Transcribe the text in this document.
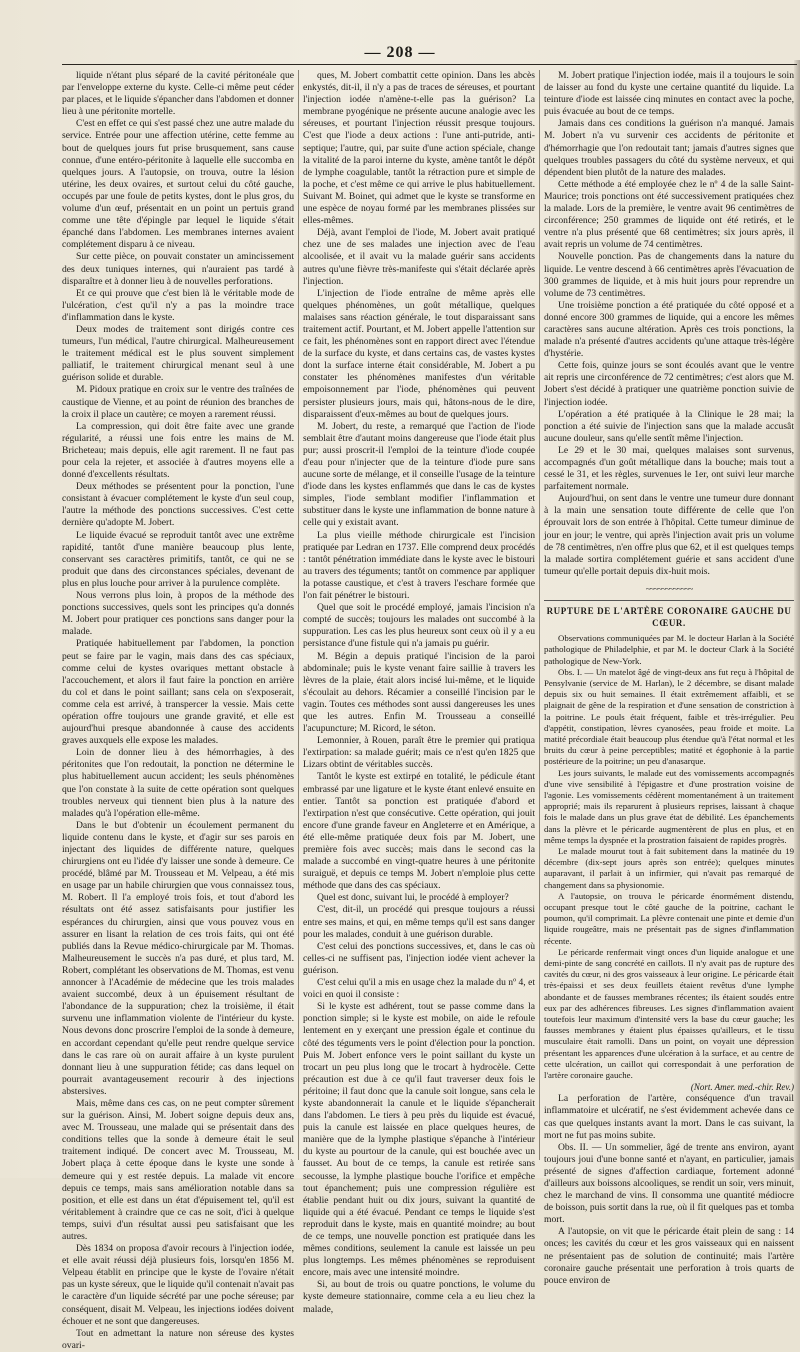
— 208 —

liquide n'étant plus séparé de la cavité péritonéale que par l'enveloppe externe du kyste. Celle-ci même peut céder par places, et le liquide s'épancher dans l'abdomen et donner lieu à une péritonite mortelle.

C'est en effet ce qui s'est passé chez une autre malade du service. Entrée pour une affection utérine, cette femme au bout de quelques jours fut prise brusquement, sans cause connue, d'une entéro-péritonite à laquelle elle succomba en quelques jours. A l'autopsie, on trouva, outre la lésion utérine, les deux ovaires, et surtout celui du côté gauche, occupés par une foule de petits kystes, dont le plus gros, du volume d'un œuf, présentait en un point un pertuis grand comme une tête d'épingle par lequel le liquide s'était épanché dans l'abdomen. Les membranes internes avaient complétement disparu à ce niveau.

Sur cette pièce, on pouvait constater un amincissement des deux tuniques internes, qui n'auraient pas tardé à disparaître et à donner lieu à de nouvelles perforations.

Et ce qui prouve que c'est bien là le véritable mode de l'ulcération, c'est qu'il n'y a pas la moindre trace d'inflammation dans le kyste.

Deux modes de traitement sont dirigés contre ces tumeurs, l'un médical, l'autre chirurgical. Malheureusement le traitement médical est le plus souvent simplement palliatif, le traitement chirurgical menant seul à une guérison solide et durable.

M. Pidoux pratique en croix sur le ventre des traînées de caustique de Vienne, et au point de réunion des branches de la croix il place un cautère; ce moyen a rarement réussi.

La compression, qui doit être faite avec une grande régularité, a réussi une fois entre les mains de M. Bricheteau; mais depuis, elle agit rarement. Il ne faut pas pour cela la rejeter, et associée à d'autres moyens elle a donné d'excellents résultats.

Deux méthodes se présentent pour la ponction, l'une consistant à évacuer complétement le kyste d'un seul coup, l'autre la méthode des ponctions successives. C'est cette dernière qu'adopte M. Jobert.

Le liquide évacué se reproduit tantôt avec une extrême rapidité, tantôt d'une manière beaucoup plus lente, conservant ses caractères primitifs, tantôt, ce qui ne se produit que dans des circonstances spéciales, devenant de plus en plus louche pour arriver à la purulence complète.

Nous verrons plus loin, à propos de la méthode des ponctions successives, quels sont les principes qu'a donnés M. Jobert pour pratiquer ces ponctions sans danger pour la malade.

Pratiquée habituellement par l'abdomen, la ponction peut se faire par le vagin, mais dans des cas spéciaux, comme celui de kystes ovariques mettant obstacle à l'accouchement, et alors il faut faire la ponction en arrière du col et dans le point saillant; sans cela on s'exposerait, comme cela est arrivé, à transpercer la vessie. Mais cette opération offre toujours une grande gravité, et elle est aujourd'hui presque abandonnée à cause des accidents graves auxquels elle expose les malades.

Loin de donner lieu à des hémorrhagies, à des péritonites que l'on redoutait, la ponction ne détermine le plus habituellement aucun accident; les seuls phénomènes que l'on constate à la suite de cette opération sont quelques troubles nerveux qui tiennent bien plus à la nature des malades qu'à l'opération elle-même.

Dans le but d'obtenir un écoulement permanent du liquide contenu dans le kyste, et d'agir sur ses parois en injectant des liquides de différente nature, quelques chirurgiens ont eu l'idée d'y laisser une sonde à demeure. Ce procédé, blâmé par M. Trousseau et M. Velpeau, a été mis en usage par un habile chirurgien que vous connaissez tous, M. Robert. Il l'a employé trois fois, et tout d'abord les résultats ont été assez satisfaisants pour justifier les espérances du chirurgien, ainsi que vous pouvez vous en assurer en lisant la relation de ces trois faits, qui ont été publiés dans la Revue médico-chirurgicale par M. Thomas. Malheureusement le succès n'a pas duré, et plus tard, M. Robert, complétant les observations de M. Thomas, est venu annoncer à l'Académie de médecine que les trois malades avaient succombé, deux à un épuisement résultant de l'abondance de la suppuration; chez la troisième, il était survenu une inflammation violente de l'intérieur du kyste. Nous devons donc proscrire l'emploi de la sonde à demeure, en accordant cependant qu'elle peut rendre quelque service dans le cas rare où on aurait affaire à un kyste purulent donnant lieu à une suppuration fétide; cas dans lequel on pourrait avantageusement recourir à des injections abstersives.

Mais, même dans ces cas, on ne peut compter sûrement sur la guérison. Ainsi, M. Jobert soigne depuis deux ans, avec M. Trousseau, une malade qui se présentait dans des conditions telles que la sonde à demeure était le seul traitement indiqué. De concert avec M. Trousseau, M. Jobert plaça à cette époque dans le kyste une sonde à demeure qui y est restée depuis. La malade vit encore depuis ce temps, mais sans amélioration notable dans sa position, et elle est dans un état d'épuisement tel, qu'il est véritablement à craindre que ce cas ne soit, d'ici à quelque temps, suivi d'un résultat aussi peu satisfaisant que les autres.

Dès 1834 on proposa d'avoir recours à l'injection iodée, et elle avait réussi déjà plusieurs fois, lorsqu'en 1856 M. Velpeau établit en principe que le kyste de l'ovaire n'était pas un kyste séreux, que le liquide qu'il contenait n'avait pas le caractère d'un liquide sécrété par une poche séreuse; par conséquent, disait M. Velpeau, les injections iodées doivent échouer et ne sont que dangereuses.

Tout en admettant la nature non séreuse des kystes ovari-

ques, M. Jobert combattit cette opinion. Dans les abcès enkystés, dit-il, il n'y a pas de traces de séreuses, et pourtant l'injection iodée n'amène-t-elle pas la guérison? La membrane pyogénique ne présente aucune analogie avec les séreuses, et pourtant l'injection réussit presque toujours. C'est que l'iode a deux actions : l'une anti-putride, anti-septique; l'autre, qui, par suite d'une action spéciale, change la vitalité de la paroi interne du kyste, amène tantôt le dépôt de lymphe coagulable, tantôt la rétraction pure et simple de la poche, et c'est même ce qui arrive le plus habituellement. Suivant M. Boinet, qui admet que le kyste se transforme en une espèce de noyau formé par les membranes plissées sur elles-mêmes.

Déjà, avant l'emploi de l'iode, M. Jobert avait pratiqué chez une de ses malades une injection avec de l'eau alcoolisée, et il avait vu la malade guérir sans accidents autres qu'une fièvre très-manifeste qui s'était déclarée après l'injection.

L'injection de l'iode entraîne de même après elle quelques phénomènes, un goût métallique, quelques malaises sans réaction générale, le tout disparaissant sans traitement actif. Pourtant, et M. Jobert appelle l'attention sur ce fait, les phénomènes sont en rapport direct avec l'étendue de la surface du kyste, et dans certains cas, de vastes kystes dont la surface interne était considérable, M. Jobert a pu constater les phénomènes manifestes d'un véritable empoisonnement par l'iode, phénomènes qui peuvent persister plusieurs jours, mais qui, hâtons-nous de le dire, disparaissent d'eux-mêmes au bout de quelques jours.

M. Jobert, du reste, a remarqué que l'action de l'iode semblait être d'autant moins dangereuse que l'iode était plus pur; aussi proscrit-il l'emploi de la teinture d'iode coupée d'eau pour n'injecter que de la teinture d'iode pure sans aucune sorte de mélange, et il conseille l'usage de la teinture d'iode dans les kystes enflammés que dans le cas de kystes simples, l'iode semblant modifier l'inflammation et substituer dans le kyste une inflammation de bonne nature à celle qui y existait avant.

La plus vieille méthode chirurgicale est l'incision pratiquée par Ledran en 1737. Elle comprend deux procédés : tantôt pénétration immédiate dans le kyste avec le bistouri au travers des téguments; tantôt on commence par appliquer la potasse caustique, et c'est à travers l'eschare formée que l'on fait pénétrer le bistouri.

Quel que soit le procédé employé, jamais l'incision n'a compté de succès; toujours les malades ont succombé à la suppuration. Les cas les plus heureux sont ceux où il y a eu persistance d'une fistule qui n'a jamais pu guérir.

M. Bégin a depuis pratiqué l'incision de la paroi abdominale; puis le kyste venant faire saillie à travers les lèvres de la plaie, était alors incisé lui-même, et le liquide s'écoulait au dehors. Récamier a conseillé l'incision par le vagin. Toutes ces méthodes sont aussi dangereuses les unes que les autres. Enfin M. Trousseau a conseillé l'acupuncture; M. Ricord, le séton.

Lemonnier, à Rouen, paraît être le premier qui pratiqua l'extirpation: sa malade guérit; mais ce n'est qu'en 1825 que Lizars obtint de véritables succès.

Tantôt le kyste est extirpé en totalité, le pédicule étant embrassé par une ligature et le kyste étant enlevé ensuite en entier. Tantôt sa ponction est pratiquée d'abord et l'extirpation n'est que consécutive. Cette opération, qui jouit encore d'une grande faveur en Angleterre et en Amérique, a été elle-même pratiquée deux fois par M. Jobert, une première fois avec succès; mais dans le second cas la malade a succombé en vingt-quatre heures à une péritonite suraiguë, et depuis ce temps M. Jobert n'emploie plus cette méthode que dans des cas spéciaux.

Quel est donc, suivant lui, le procédé à employer?

C'est, dit-il, un procédé qui presque toujours a réussi entre ses mains, et qui, en même temps qu'il est sans danger pour les malades, conduit à une guérison durable.

C'est celui des ponctions successives, et, dans le cas où celles-ci ne suffisent pas, l'injection iodée vient achever la guérison.

C'est celui qu'il a mis en usage chez la malade du nº 4, et voici en quoi il consiste :

Si le kyste est adhérent, tout se passe comme dans la ponction simple; si le kyste est mobile, on aide le refoule lentement en y exerçant une pression égale et continue du côté des téguments vers le point d'élection pour la ponction. Puis M. Jobert enfonce vers le point saillant du kyste un trocart un peu plus long que le trocart à hydrocèle. Cette précaution est due à ce qu'il faut traverser deux fois le péritoine; il faut donc que la canule soit longue, sans cela le kyste abandonnerait la canule et le liquide s'épancherait dans l'abdomen. Le tiers à peu près du liquide est évacué, puis la canule est laissée en place quelques heures, de manière que de la lymphe plastique s'épanche à l'intérieur du kyste au pourtour de la canule, qui est bouchée avec un fausset. Au bout de ce temps, la canule est retirée sans secousse, la lymphe plastique bouche l'orifice et empêche tout épanchement; puis une compression régulière est établie pendant huit ou dix jours, suivant la quantité de liquide qui a été évacué. Pendant ce temps le liquide s'est reproduit dans le kyste, mais en quantité moindre; au bout de ce temps, une nouvelle ponction est pratiquée dans les mêmes conditions, seulement la canule est laissée un peu plus longtemps. Les mêmes phénomènes se reproduisent encore, mais avec une intensité moindre.

Si, au bout de trois ou quatre ponctions, le volume du kyste demeure stationnaire, comme cela a eu lieu chez la malade,

M. Jobert pratique l'injection iodée, mais il a toujours le soin de laisser au fond du kyste une certaine quantité du liquide. La teinture d'iode est laissée cinq minutes en contact avec la poche, puis évacuée au bout de ce temps.

Jamais dans ces conditions la guérison n'a manqué. Jamais M. Jobert n'a vu survenir ces accidents de péritonite et d'hémorrhagie que l'on redoutait tant; jamais d'autres signes que quelques troubles passagers du côté du système nerveux, et qui dépendent bien plutôt de la nature des malades.

Cette méthode a été employée chez le nº 4 de la salle Saint-Maurice; trois ponctions ont été successivement pratiquées chez la malade. Lors de la première, le ventre avait 96 centimètres de circonférence; 250 grammes de liquide ont été retirés, et le ventre n'a plus présenté que 68 centimètres; six jours après, il avait repris un volume de 74 centimètres.

Nouvelle ponction. Pas de changements dans la nature du liquide. Le ventre descend à 66 centimètres après l'évacuation de 300 grammes de liquide, et à mis huit jours pour reprendre un volume de 73 centimètres.

Une troisième ponction a été pratiquée du côté opposé et a donné encore 300 grammes de liquide, qui a encore les mêmes caractères sans aucune altération. Après ces trois ponctions, la malade n'a présenté d'autres accidents qu'une attaque très-légère d'hystérie.

Cette fois, quinze jours se sont écoulés avant que le ventre ait repris une circonférence de 72 centimètres; c'est alors que M. Jobert s'est décidé à pratiquer une quatrième ponction suivie de l'injection iodée.

L'opération a été pratiquée à la Clinique le 28 mai; la ponction a été suivie de l'injection sans que la malade accusât aucune douleur, sans qu'elle sentît même l'injection.

Le 29 et le 30 mai, quelques malaises sont survenus, accompagnés d'un goût métallique dans la bouche; mais tout a cessé le 31, et les règles, survenues le 1er, ont suivi leur marche parfaitement normale.

Aujourd'hui, on sent dans le ventre une tumeur dure donnant à la main une sensation toute différente de celle que l'on éprouvait lors de son entrée à l'hôpital. Cette tumeur diminue de jour en jour; le ventre, qui après l'injection avait pris un volume de 78 centimètres, n'en offre plus que 62, et il est quelques temps la malade sortira complétement guérie et sans accident d'une tumeur qu'elle portait depuis dix-huit mois.

~~~~~~~~~~~~
RUPTURE DE L'ARTÈRE CORONAIRE GAUCHE DU CŒUR.

Observations communiquées par M. le docteur Harlan à la Société pathologique de Philadelphie, et par M. le docteur Clark à la Société pathologique de New-York.

Obs. I. — Un matelot âgé de vingt-deux ans fut reçu à l'hôpital de Pensylvanie (service de M. Harlan), le 2 décembre, se disant malade depuis six ou huit semaines. Il était extrêmement affaibli, et se plaignait de gêne de la respiration et d'une sensation de constriction à la poitrine. Le pouls était fréquent, faible et très-irrégulier. Peu d'appétit, constipation, lèvres cyanosées, peau froide et moite. La matité précordiale était beaucoup plus étendue qu'à l'état normal et les bruits du cœur à peine perceptibles; matité et égophonie à la partie postérieure de la poitrine; un peu d'anasarque.

Les jours suivants, le malade eut des vomissements accompagnés d'une vive sensibilité à l'épigastre et d'une prostration voisine de l'agonie. Les vomissements cédèrent momentanément à un traitement approprié; mais ils reparurent à plusieurs reprises, laissant à chaque fois le malade dans un plus grave état de débilité. Les épanchements dans la plèvre et le péricarde augmentèrent de plus en plus, et en même temps la dyspnée et la prostration faisaient de rapides progrès.

Le malade mourut tout à fait subitement dans la matinée du 19 décembre (dix-sept jours après son entrée); quelques minutes auparavant, il parlait à un infirmier, qui n'avait pas remarqué de changement dans sa physionomie.

A l'autopsie, on trouva le péricarde énormément distendu, occupant presque tout le côté gauche de la poitrine, cachant le poumon, qu'il comprimait. La plèvre contenait une pinte et demie d'un liquide rougeâtre, mais ne présentait pas de signes d'inflammation récente.

Le péricarde renfermait vingt onces d'un liquide analogue et une demi-pinte de sang concrété en caillots. Il n'y avait pas de rupture des cavités du cœur, ni des gros vaisseaux à leur origine. Le péricarde était très-épaissi et ses deux feuillets étaient revêtus d'une lymphe abondante et de fausses membranes récentes; ils étaient soudés entre eux par des adhérences fibreuses. Les signes d'inflammation avaient toutefois leur maximum d'intensité vers la base du cœur gauche; les fausses membranes y étaient plus épaisses qu'ailleurs, et le tissu musculaire était ramolli. Dans un point, on voyait une dépression présentant les apparences d'une ulcération à la surface, et au centre de cette ulcération, un caillot qui correspondait à une perforation de l'artère coronaire gauche.

(Nort. Amer. med.-chir. Rev.)

La perforation de l'artère, conséquence d'un travail inflammatoire et ulcératif, ne s'est évidemment achevée dans ce cas que quelques instants avant la mort. Dans le cas suivant, la mort ne fut pas moins subite.

Obs. II. — Un sommelier, âgé de trente ans environ, ayant toujours joui d'une bonne santé et n'ayant, en particulier, jamais présenté de signes d'affection cardiaque, fortement adonné d'ailleurs aux boissons alcooliques, se rendit un soir, vers minuit, chez le marchand de vins. Il consomma une quantité médiocre de boisson, puis sortit dans la rue, où il fit quelques pas et tomba mort.

A l'autopsie, on vit que le péricarde était plein de sang : 14 onces; les cavités du cœur et les gros vaisseaux qui en naissent ne présentaient pas de solution de continuité; mais l'artère coronaire gauche présentait une perforation à trois quarts de pouce environ de
